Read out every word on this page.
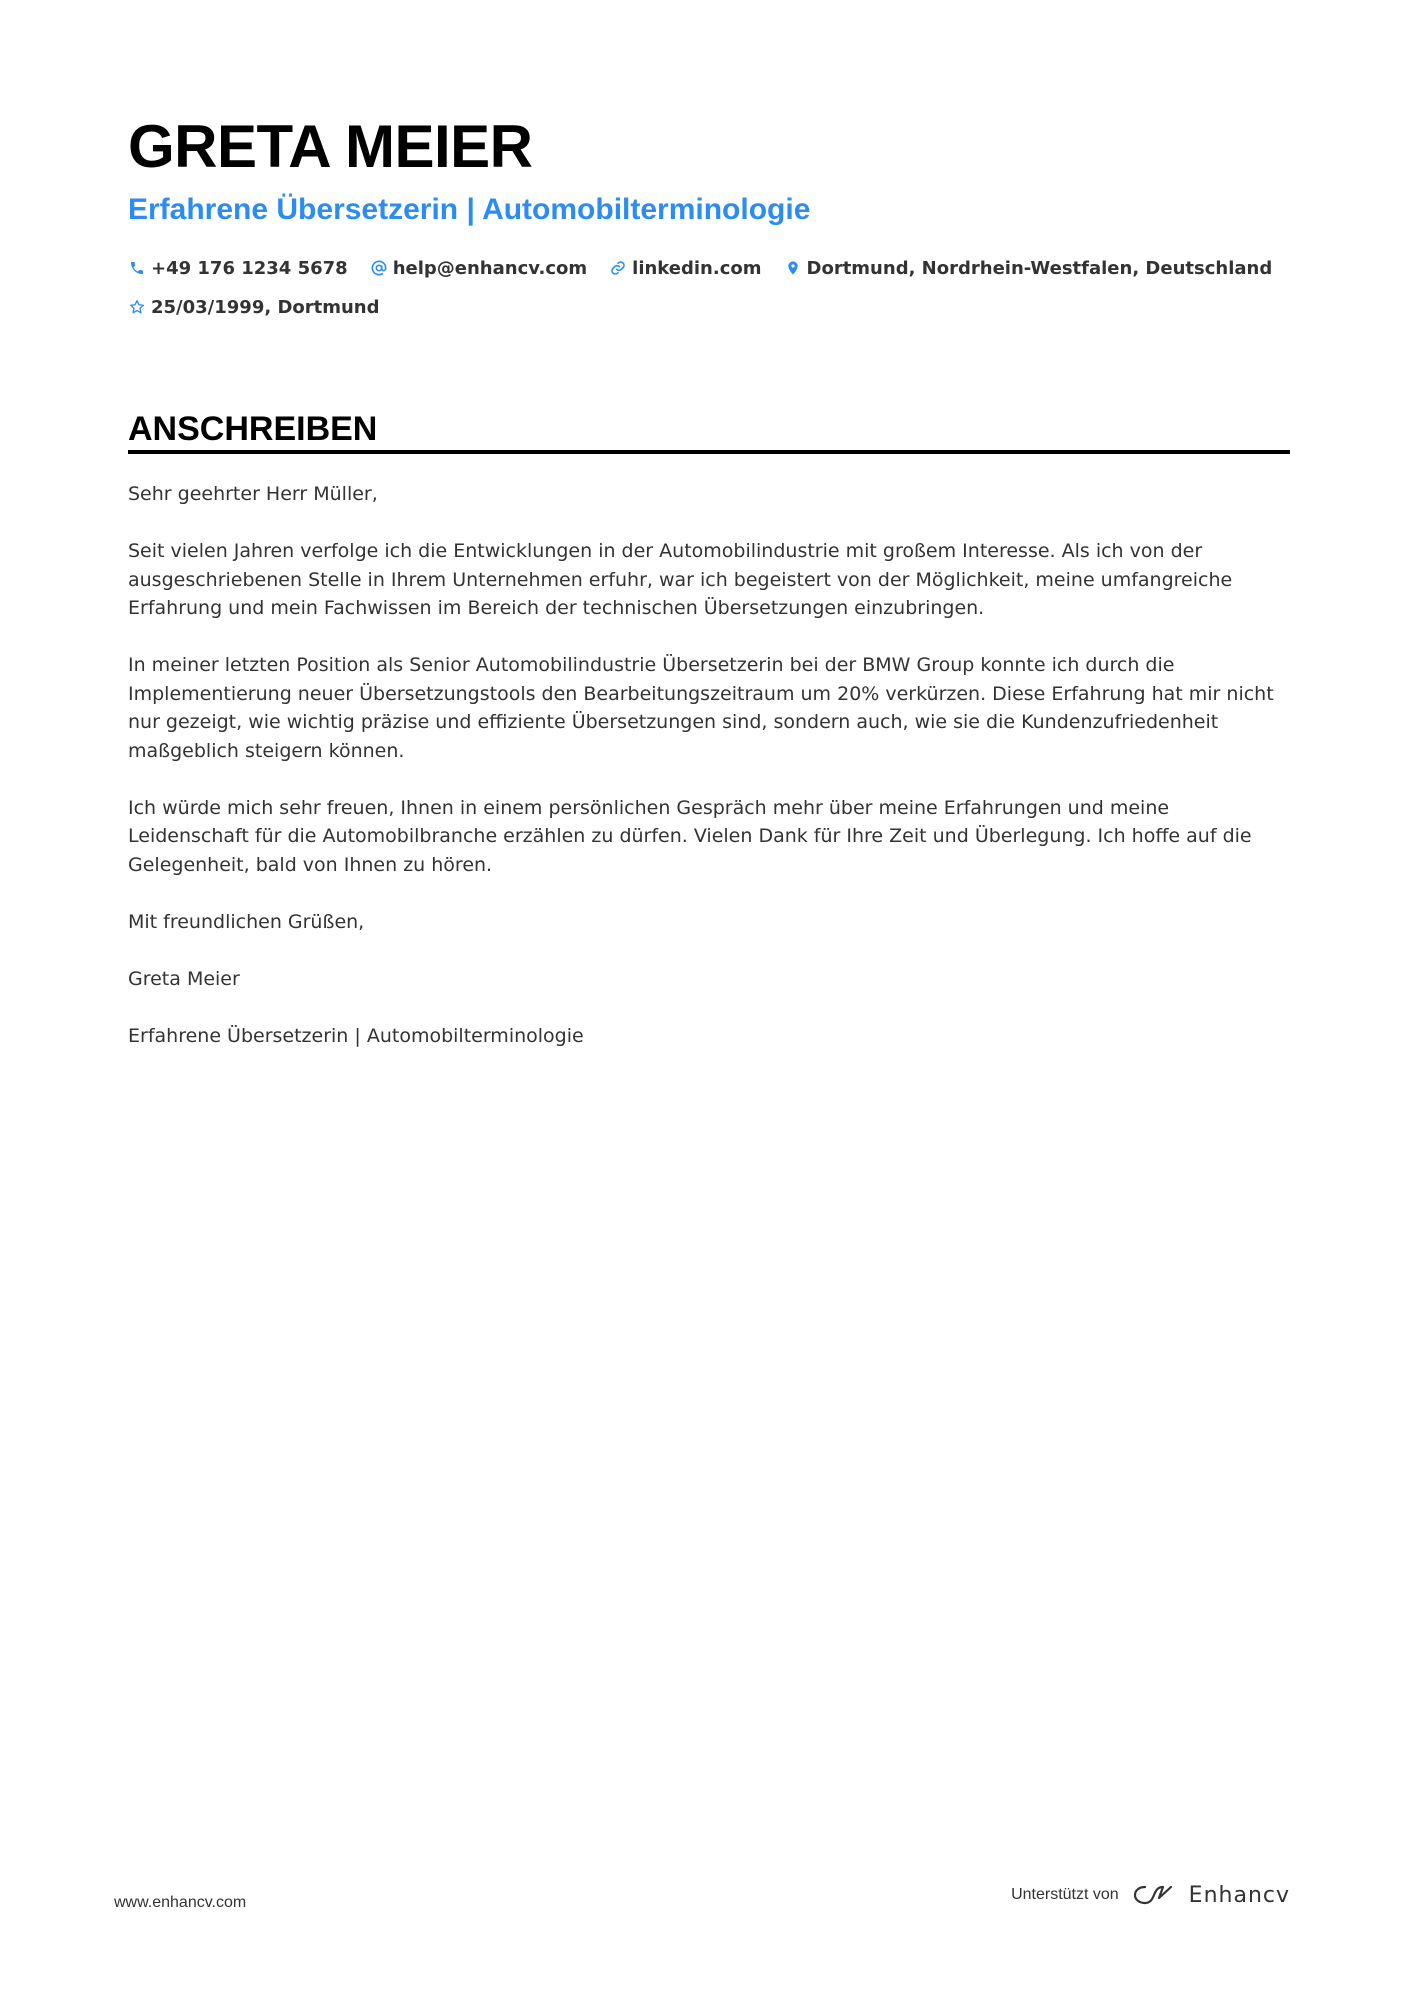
GRETA MEIER
Erfahrene Übersetzerin | Automobilterminologie
+49 176 1234 5678	help@enhancv.com	linkedin.com	Dortmund, Nordrhein-Westfalen, Deutschland
25/03/1999, Dortmund
ANSCHREIBEN

Sehr geehrter Herr Müller,

Seit vielen Jahren verfolge ich die Entwicklungen in der Automobilindustrie mit großem Interesse. Als ich von der ausgeschriebenen Stelle in Ihrem Unternehmen erfuhr, war ich begeistert von der Möglichkeit, meine umfangreiche Erfahrung und mein Fachwissen im Bereich der technischen Übersetzungen einzubringen.

In meiner letzten Position als Senior Automobilindustrie Übersetzerin bei der BMW Group konnte ich durch die Implementierung neuer Übersetzungstools den Bearbeitungszeitraum um 20% verkürzen. Diese Erfahrung hat mir nicht nur gezeigt, wie wichtig präzise und effiziente Übersetzungen sind, sondern auch, wie sie die Kundenzufriedenheit maßgeblich steigern können.

Ich würde mich sehr freuen, Ihnen in einem persönlichen Gespräch mehr über meine Erfahrungen und meine Leidenschaft für die Automobilbranche erzählen zu dürfen. Vielen Dank für Ihre Zeit und Überlegung. Ich hoffe auf die Gelegenheit, bald von Ihnen zu hören.

Mit freundlichen Grüßen,

Greta Meier

Erfahrene Übersetzerin | Automobilterminologie

www.enhancv.com	Unterstützt von	Enhancv
